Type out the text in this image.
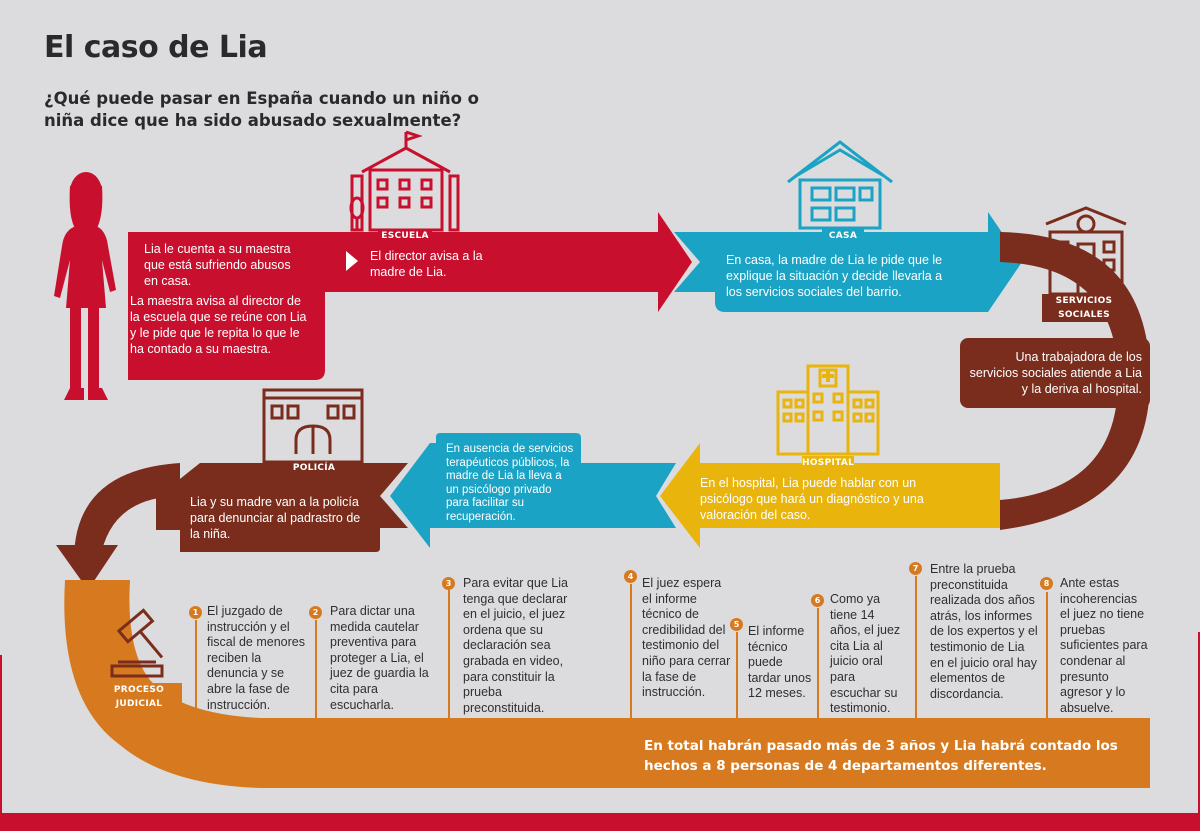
El caso de Lia

¿Qué puede pasar en España cuando un niño o niña dice que ha sido abusado sexualmente?

ESCUELA	CASA
SERVICIOS SOCIALES
HOSPITAL
POLICÍA
PROCESO JUDICIAL

Lia le cuenta a su maestra que está sufriendo abusos en casa.

La maestra avisa al director de la escuela que se reúne con Lia y le pide que le repita lo que le ha contado a su maestra.

El director avisa a la madre de Lia.

En casa, la madre de Lia le pide que le explique la situación y decide llevarla a los servicios sociales del barrio.

Una trabajadora de los servicios sociales atiende a Lia y la deriva al hospital.

En el hospital, Lia puede hablar con un psicólogo que hará un diagnóstico y una valoración del caso.

En ausencia de servicios terapéuticos públicos, la madre de Lia la lleva a un psicólogo privado para facilitar su recuperación.

Lia y su madre van a la policía para denunciar al padrastro de la niña.

1 El juzgado de instrucción y el fiscal de menores reciben la denuncia y se abre la fase de instrucción.

2 Para dictar una medida cautelar preventiva para proteger a Lia, el juez de guardia la cita para escucharla.

3 Para evitar que Lia tenga que declarar en el juicio, el juez ordena que su declaración sea grabada en video, para constituir la prueba preconstituida.

4 El juez espera el informe técnico de credibilidad del testimonio del niño para cerrar la fase de instrucción.

5 El informe técnico puede tardar unos 12 meses.

6 Como ya tiene 14 años, el juez cita Lia al juicio oral para escuchar su testimonio.

7 Entre la prueba preconstituida realizada dos años atrás, los informes de los expertos y el testimonio de Lia en el juicio oral hay elementos de discordancia.

8 Ante estas incoherencias el juez no tiene pruebas suficientes para condenar al presunto agresor y lo absuelve.

En total habrán pasado más de 3 años y Lia habrá contado los hechos a 8 personas de 4 departamentos diferentes.
